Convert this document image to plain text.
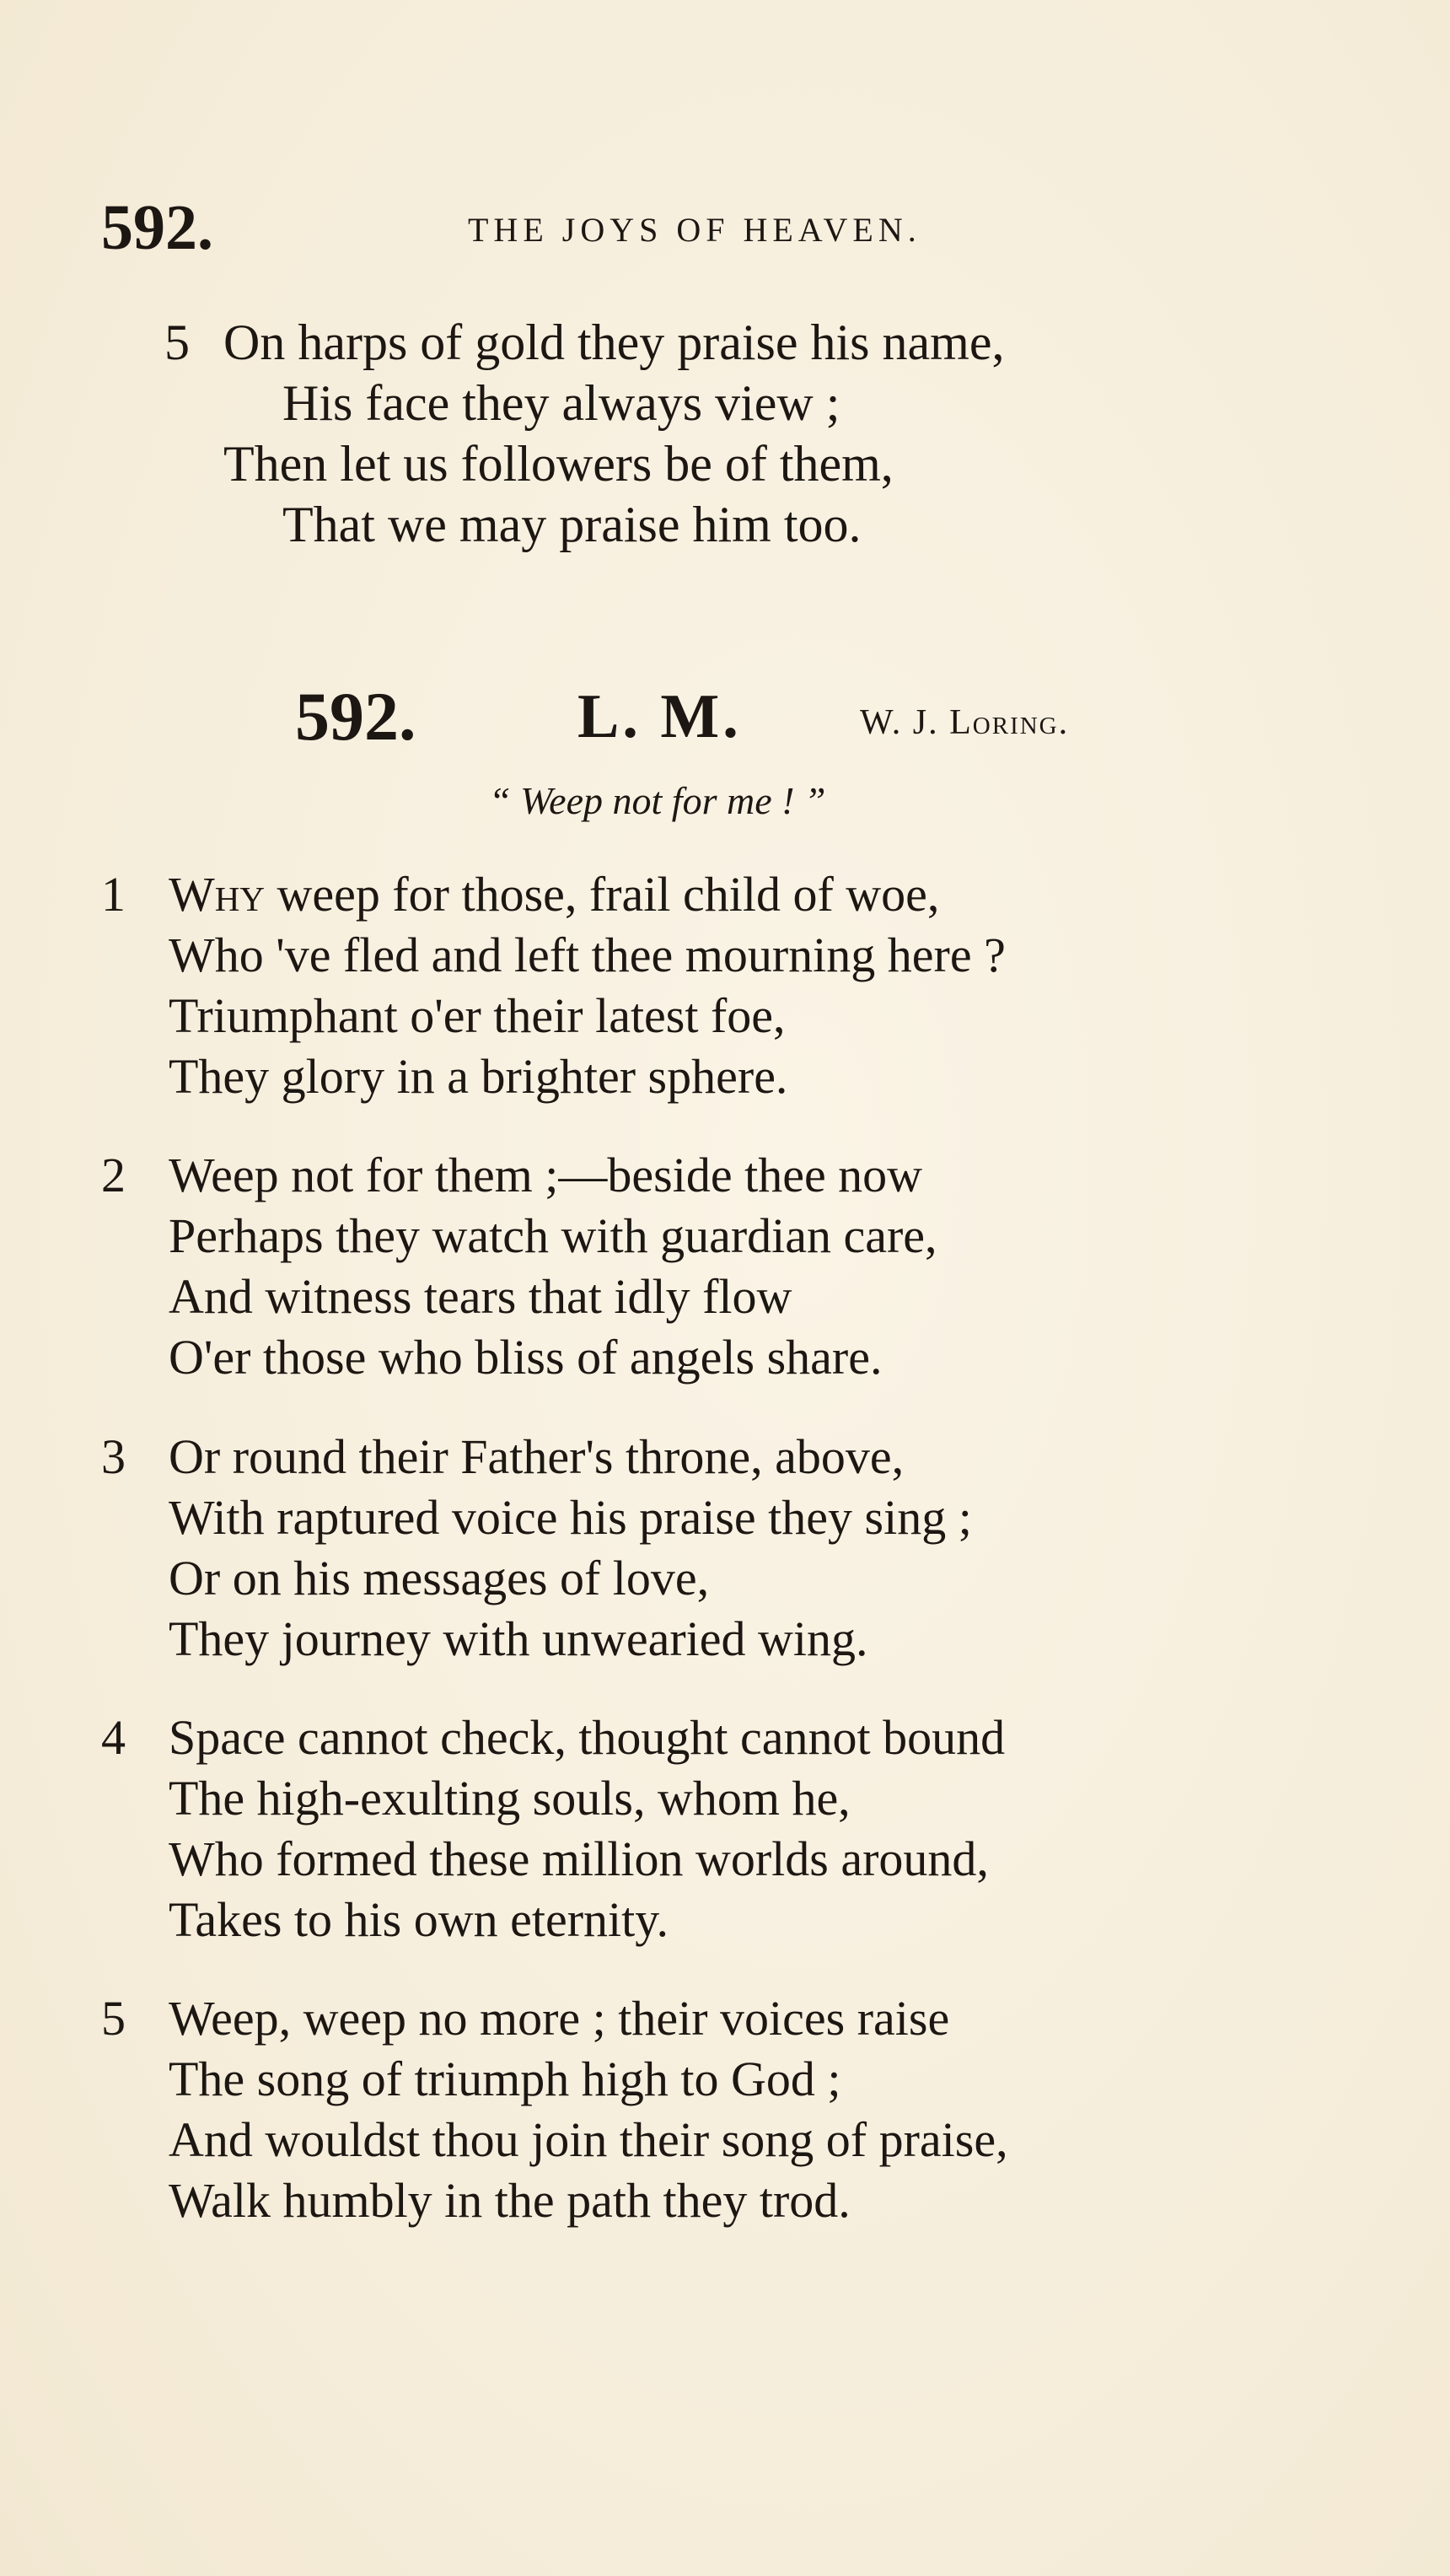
592.	THE JOYS OF HEAVEN.
5 On harps of gold they praise his name,
His face they always view ;
Then let us followers be of them,
That we may praise him too.
592.	L. M.	W. J. Loring.
“ Weep not for me ! ”
1 Why weep for those, frail child of woe,
Who 've fled and left thee mourning here ?
Triumphant o'er their latest foe,
They glory in a brighter sphere.
2 Weep not for them ;—beside thee now
Perhaps they watch with guardian care,
And witness tears that idly flow
O'er those who bliss of angels share.
3 Or round their Father's throne, above,
With raptured voice his praise they sing ;
Or on his messages of love,
They journey with unwearied wing.
4 Space cannot check, thought cannot bound
The high-exulting souls, whom he,
Who formed these million worlds around,
Takes to his own eternity.
5 Weep, weep no more ; their voices raise
The song of triumph high to God ;
And wouldst thou join their song of praise,
Walk humbly in the path they trod.
